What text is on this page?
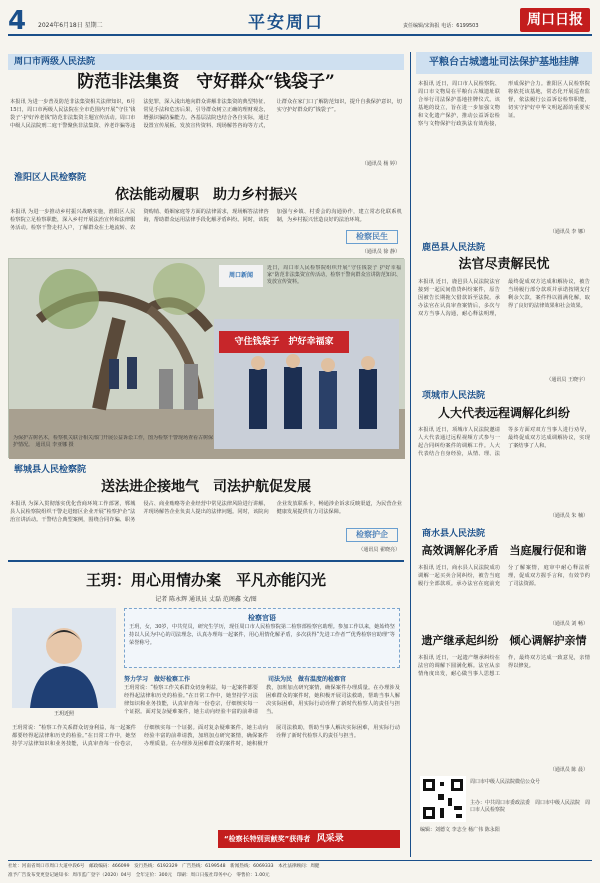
4 2024年6月18日 星期二	平安周口	责任编辑/宋海报 电话：6199503	周口日报
周口市两级人民法院
防范非法集资　守好群众“钱袋子”
本报讯 为进一步普及防范非法集资相关法律知识，6月15日，周口市两级人民法院在全市范围内开展“守住‘钱袋子’·护好养老钱”防范非法集资主题宣传活动。周口市中级人民法院刑二庭干警聚焦非法集资、养老诈骗等违法犯罪，深入浅出地向群众讲解非法集资的典型特征、常见手法和危害后果，引导群众树立正确的理财观念，增强识骗防骗能力。各基层法院也结合各自实际，通过设置宣传展板、发放宣传资料、现场解答咨询等方式，让群众在家门口了解防范知识，提升自我保护意识，切实守护好群众的“钱袋子”。
（通讯员 杨 婷）
淮阳区人民检察院
依法能动履职　助力乡村振兴
本报讯 为进一步推动乡村振兴战略实施，淮阳区人民检察院立足检察职能，深入乡村开展法治宣传和法律服务活动。检察干警走村入户，了解群众在土地流转、农资购销、婚姻家庭等方面的法律需求，现场解答法律咨询，帮助群众运用法律手段化解矛盾纠纷。同时，该院加强与乡镇、村委会的沟通协作，建立常态化联系机制，为乡村振兴营造良好的法治环境。
（通讯员 徐 静）
检察民生
守住钱袋子　护好幸福家
周口新闻
近日，周口市人民检察院组织开展“守住钱袋子 护好幸福家”防范非法集资宣传活动，检察干警向群众宣讲防范知识、发放宣传资料。
为保护古树名木，检察机关联合相关部门开展公益诉讼工作，图为检察干警现场查看古树保护情况。　通讯员 李亚娜 摄
郸城县人民检察院
送法进企接地气　司法护航促发展
本报讯 为深入贯彻落实优化营商环境工作部署，郸城县人民检察院组织干警走进辖区企业开展“检察护企”法治宣讲活动。干警结合典型案例，围绕合同诈骗、职务侵占、商业贿赂等企业经营中常见法律风险进行讲解，并现场解答企业负责人提出的法律问题。同时，该院向企业发放联系卡，畅通涉企诉求反映渠道，为民营企业健康发展提供有力司法保障。
（通讯员 翟晓亮）
检察护企
王玥：用心用情办案　平凡亦能闪光
记者 陈永辉 通讯员 丈磊 范阁鑫 文/图
王玥近照
检察官语
王玥，女，30岁，中共党员，研究生学历，现任周口市人民检察院第二检察部检察官助理。参加工作以来，她始终坚持以人民为中心的司法理念，认真办理每一起案件，用心用情化解矛盾，多次获得“先进工作者”“优秀检察官助理”等荣誉称号。
努力学习　做好检察工作	司法为民　做有温度的检察官
王玥常说：“检察工作关系群众切身利益，每一起案件都要经得起法律和历史的检验。”在日常工作中，她坚持学习法律知识和业务技能，认真审查每一份卷宗，仔细核实每一个证据。面对复杂疑难案件，她主动向经验丰富的前辈请教，加班加点研究案情，确保案件办理质量。在办理涉及困难群众的案件时，她积极开展司法救助，帮助当事人解决实际困难，用实际行动诠释了新时代检察人的责任与担当。
王玥常说：“检察工作关系群众切身利益，每一起案件都要经得起法律和历史的检验。”在日常工作中，她坚持学习法律知识和业务技能，认真审查每一份卷宗，仔细核实每一个证据。面对复杂疑难案件，她主动向经验丰富的前辈请教，加班加点研究案情，确保案件办理质量。在办理涉及困难群众的案件时，她积极开展司法救助，帮助当事人解决实际困难，用实际行动诠释了新时代检察人的责任与担当。
“检察长特别贡献奖”获得者 风采录
平粮台古城遗址司法保护基地挂牌
本报讯 近日，周口市人民检察院、周口市文物局在平粮台古城遗址联合举行司法保护基地挂牌仪式。该基地的设立，旨在进一步加强文物和文化遗产保护，推动公益诉讼检察与文物保护行政执法有效衔接，形成保护合力。淮阳区人民检察院将依托该基地，常态化开展巡查监督，依法履行公益诉讼检察职能，切实守护好中华文明起源的重要实证。
（通讯员 李 娜）
鹿邑县人民法院
法官尽责解民忧
本报讯 近日，鹿邑县人民法院法官接到一起民间借贷纠纷案件，原告因被告长期拖欠借款诉至法院。承办法官在认真审查案情后，多次与双方当事人沟通，耐心释法明理，最终促成双方达成和解协议，被告当场履行部分款项并承诺按期支付剩余欠款，案件得以圆满化解，取得了良好的法律效果和社会效果。
（通讯员 王晓宇）
项城市人民法院
人大代表远程调解化纠纷
本报讯 近日，项城市人民法院邀请人大代表通过远程视频方式参与一起合同纠纷案件的调解工作。人大代表结合自身经验，从情、理、法等多方面对双方当事人进行劝导，最终促成双方达成调解协议，实现了案结事了人和。
（通讯员 朱 楠）
商水县人民法院
高效调解化矛盾　当庭履行促和谐
本报讯 近日，商水县人民法院成功调解一起买卖合同纠纷，被告当庭履行全部款项。承办法官在庭前充分了解案情，庭审中耐心释法析理，促成双方握手言和，有效节约了司法资源。
（通讯员 刘 畅）
遗产继承起纠纷　倾心调解护亲情
本报讯 近日，一起遗产继承纠纷在法官的调解下圆满化解。法官从亲情角度出发，耐心做当事人思想工作，最终双方达成一致意见，亲情得以修复。
（通讯员 陈 晨）
周口市中级人民法院微信公众号
主办：中共周口市委政法委　周口市中级人民法院　周口市人民检察院
编辑：刘德文 李志全 杨广伟 陈永阳
社址：河南省周口市周口大道中段6号　邮政编码：466099　发行热线：6192329　广告热线：6199548　新闻热线：6069333　本社法律顾问：周健
准予广告发布变更登记通知书：周市监广登字（2020）04号　全年定价：300元　印刷：周口日报社印务中心　零售价：1.00元
